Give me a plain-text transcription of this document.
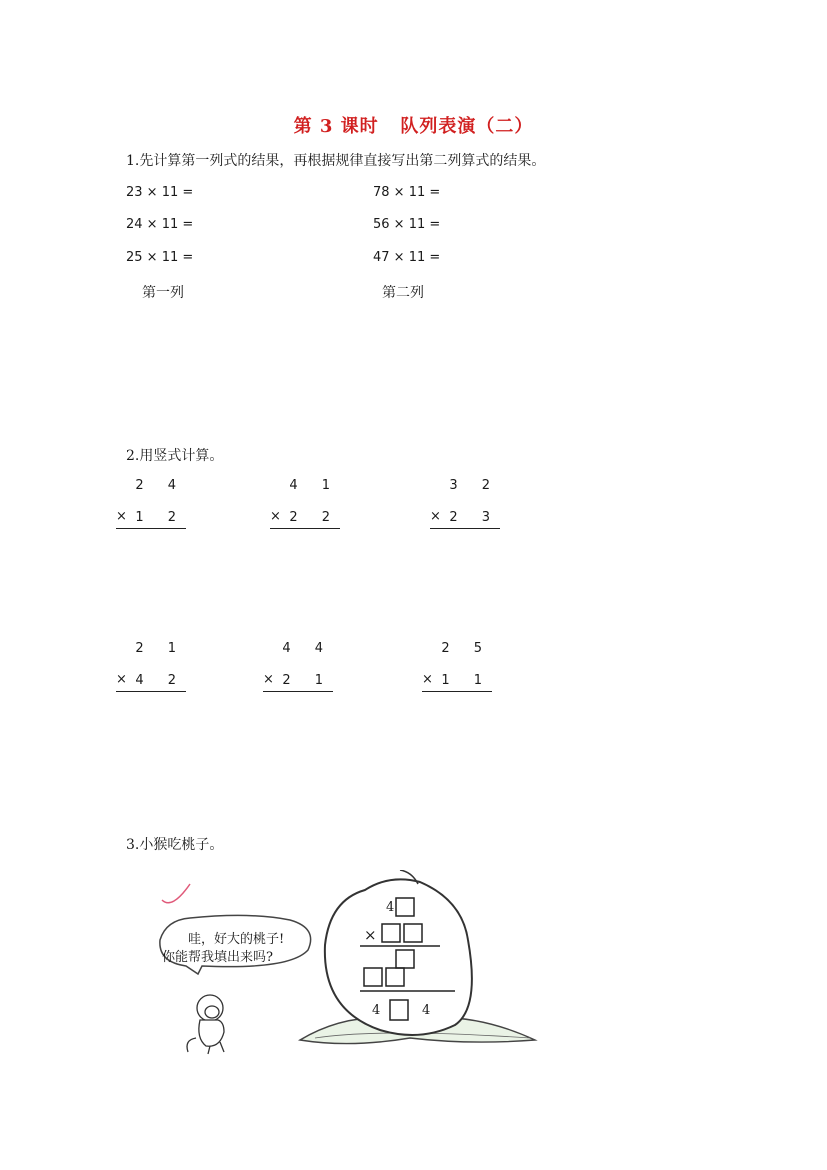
第 3 课时   队列表演（二）
1.先计算第一列式的结果，再根据规律直接写出第二列算式的结果。
23 × 11 =
24 × 11 =
25 × 11 =
78 × 11 =
56 × 11 =
47 × 11 =
第一列	第二列
2.用竖式计算。
2 4
× 1 2
4 1
× 2 2
3 2
× 2 3
2 1
× 4 2
4 4
× 2 1
2 5
× 1 1
3.小猴吃桃子。
哇，好大的桃子!
你能帮我填出来吗?
4
×
4	4
